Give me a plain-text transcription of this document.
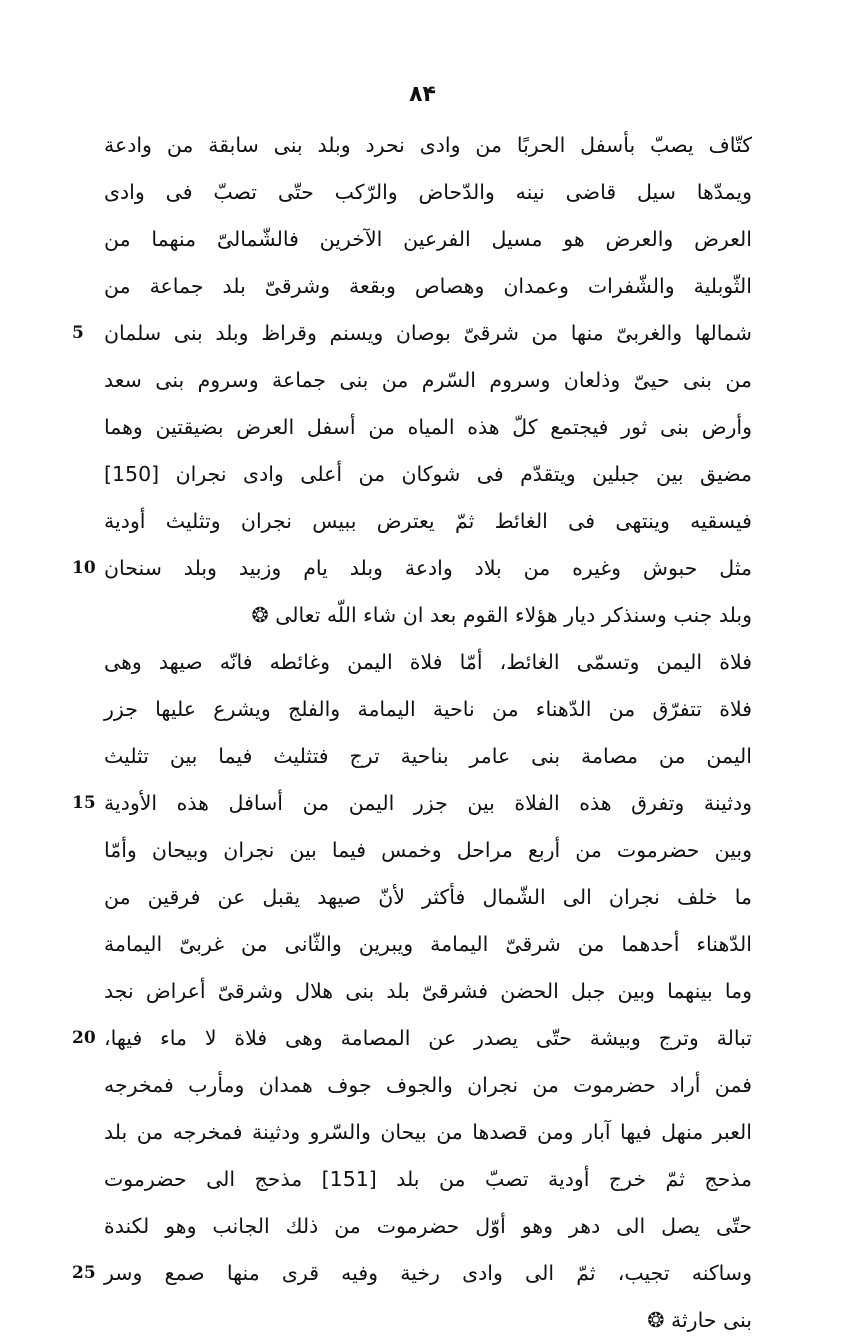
٨۴
كتّاف يصبّ بأسفل الحربًا من وادى نحرد وبلد بنى سابقة من وادعة
ويمدّها سيل قاضى نينه والدّحاض والرّكب حتّى تصبّ فى وادى
العرض والعرض هو مسيل الفرعين الآخرين فالشّمالىّ منهما من
الثّوبلية والشّفرات وعمدان وهصاص وبقعة وشرقىّ بلد جماعة من
شمالها والغربىّ منها من شرقىّ بوصان ويسنم وقراظ وبلد بنى سلمان
5
من بنى حيىّ وذلعان وسروم السّرم من بنى جماعة وسروم بنى سعد
وأرض بنى ثور فيجتمع كلّ هذه المياه من أسفل العرض بضيقتين وهما
مضيق بين جبلين ويتقدّم فى شوكان من أعلى وادى نجران [150]
فيسقيه وينتهى فى الغائط ثمّ يعترض ببيس نجران وتثليث أودية
مثل حبوش وغيره من بلاد وادعة وبلد يام وزبيد وبلد سنحان
10
وبلد جنب وسنذكر ديار هؤلاء القوم بعد ان شاء اللّه تعالى ❂
فلاة اليمن وتسمّى الغائط، أمّا فلاة اليمن وغائطه فانّه صيهد وهى
فلاة تتفرّق من الدّهناء من ناحية اليمامة والفلج ويشرع عليها جزر
اليمن من مصامة بنى عامر بناحية ترج فتثليث فيما بين تثليث
ودثينة وتفرق هذه الفلاة بين جزر اليمن من أسافل هذه الأودية
15
وبين حضرموت من أربع مراحل وخمس فيما بين نجران وبيحان وأمّا
ما خلف نجران الى الشّمال فأكثر لأنّ صيهد يقبل عن فرقين من
الدّهناء أحدهما من شرقىّ اليمامة ويبرين والثّانى من غربىّ اليمامة
وما بينهما وبين جبل الحضن فشرقىّ بلد بنى هلال وشرقىّ أعراض نجد
تبالة وترج وبيشة حتّى يصدر عن المصامة وهى فلاة لا ماء فيها،
20
فمن أراد حضرموت من نجران والجوف جوف همدان ومأرب فمخرجه
العبر منهل فيها آبار ومن قصدها من بيحان والسّرو ودثينة فمخرجه من بلد
مذحج ثمّ خرج أودية تصبّ من بلد [151] مذحج الى حضرموت
حتّى يصل الى دهر وهو أوّل حضرموت من ذلك الجانب وهو لكندة
وساكنه تجيب، ثمّ الى وادى رخية وفيه قرى منها صمع وسر
25
بنى حارثة ❂
